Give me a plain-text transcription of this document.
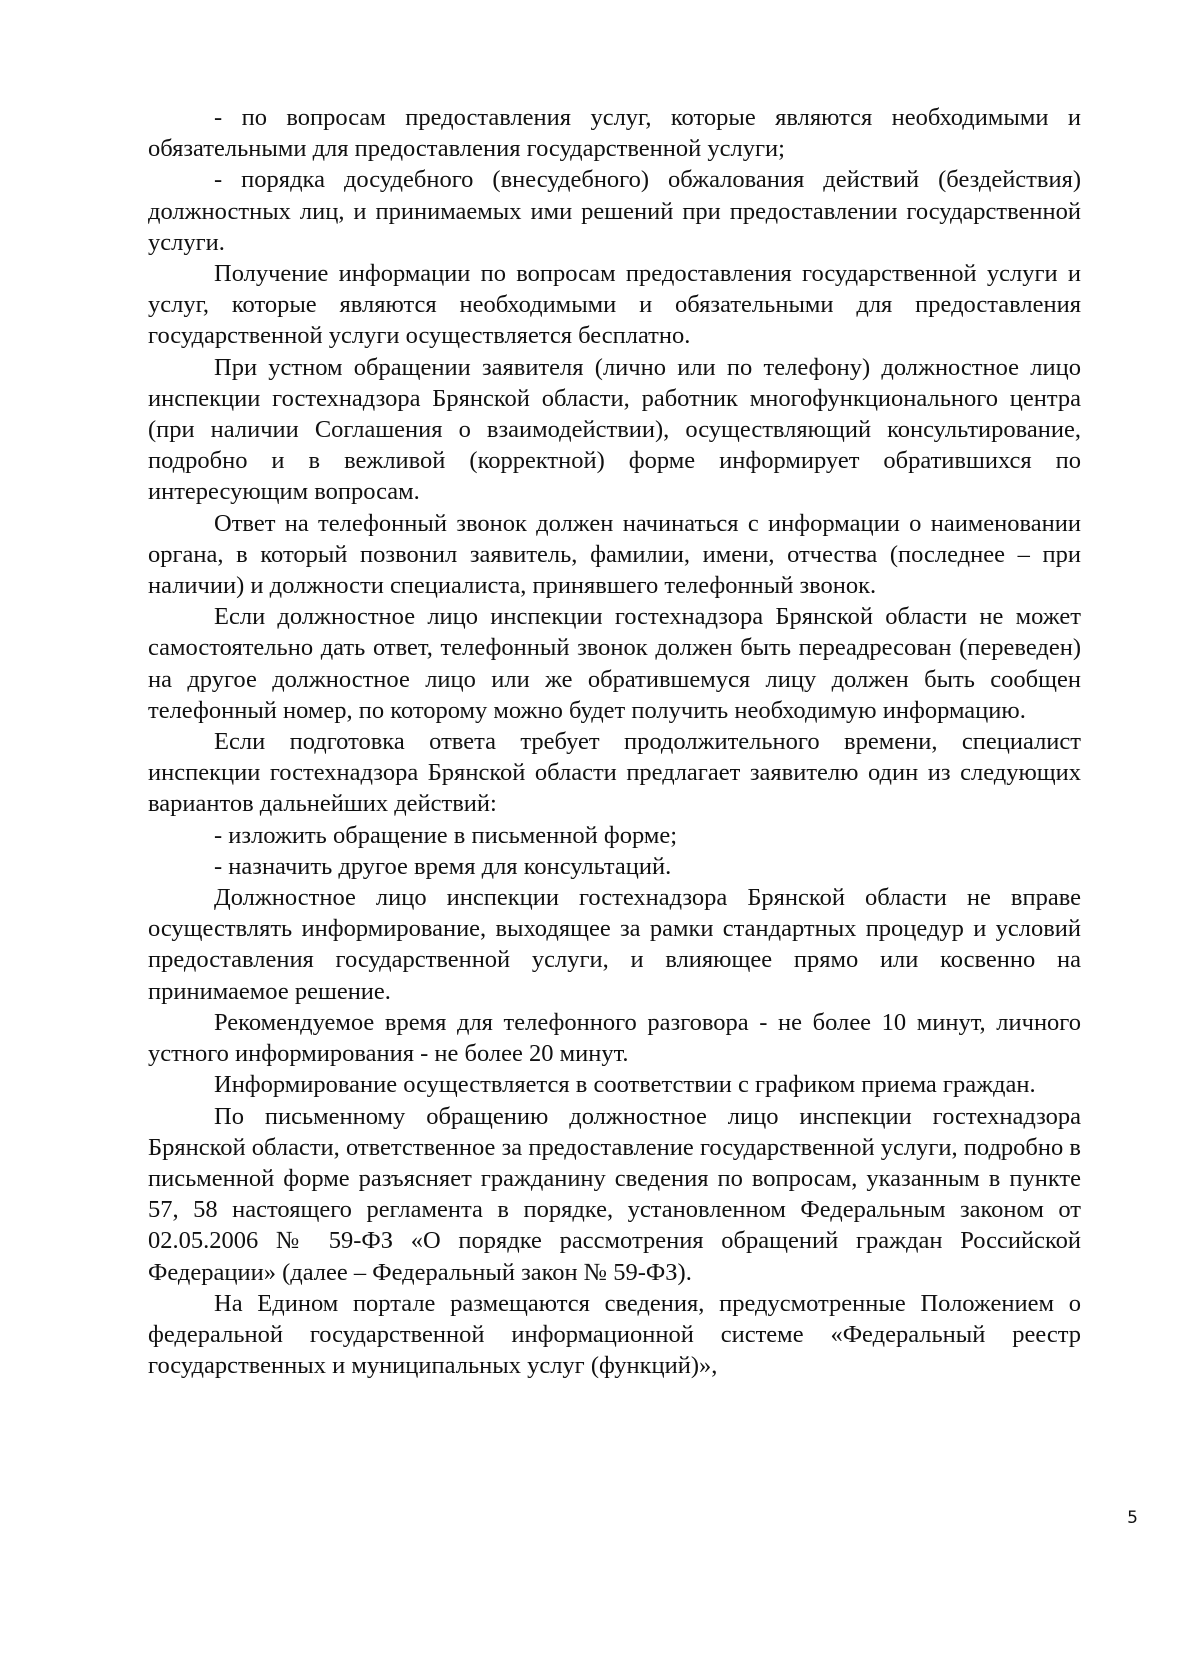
- по вопросам предоставления услуг, которые являются необходимыми и обязательными для предоставления государственной услуги;

- порядка досудебного (внесудебного) обжалования действий (бездействия) должностных лиц, и принимаемых ими решений при предоставлении государственной услуги.

Получение информации по вопросам предоставления государственной услуги и услуг, которые являются необходимыми и обязательными для предоставления государственной услуги осуществляется бесплатно.

При устном обращении заявителя (лично или по телефону) должностное лицо инспекции гостехнадзора Брянской области, работник многофункционального центра (при наличии Соглашения о взаимодействии), осуществляющий консультирование, подробно и в вежливой (корректной) форме информирует обратившихся по интересующим вопросам.

Ответ на телефонный звонок должен начинаться с информации о наименовании органа, в который позвонил заявитель, фамилии, имени, отчества (последнее – при наличии) и должности специалиста, принявшего телефонный звонок.

Если должностное лицо инспекции гостехнадзора Брянской области не может самостоятельно дать ответ, телефонный звонок должен быть переадресован (переведен) на другое должностное лицо или же обратившемуся лицу должен быть сообщен телефонный номер, по которому можно будет получить необходимую информацию.

Если подготовка ответа требует продолжительного времени, специалист инспекции гостехнадзора Брянской области предлагает заявителю один из следующих вариантов дальнейших действий:

- изложить обращение в письменной форме;

- назначить другое время для консультаций.

Должностное лицо инспекции гостехнадзора Брянской области не вправе осуществлять информирование, выходящее за рамки стандартных процедур и условий предоставления государственной услуги, и влияющее прямо или косвенно на принимаемое решение.

Рекомендуемое время для телефонного разговора - не более 10 минут, личного устного информирования - не более 20 минут.

Информирование осуществляется в соответствии с графиком приема граждан.

По письменному обращению должностное лицо инспекции гостехнадзора Брянской области, ответственное за предоставление государственной услуги, подробно в письменной форме разъясняет гражданину сведения по вопросам, указанным в пункте 57, 58 настоящего регламента в порядке, установленном Федеральным законом от 02.05.2006 № 59-ФЗ «О порядке рассмотрения обращений граждан Российской Федерации» (далее – Федеральный закон № 59-ФЗ).

На Едином портале размещаются сведения, предусмотренные Положением о федеральной государственной информационной системе «Федеральный реестр государственных и муниципальных услуг (функций)»,

5
